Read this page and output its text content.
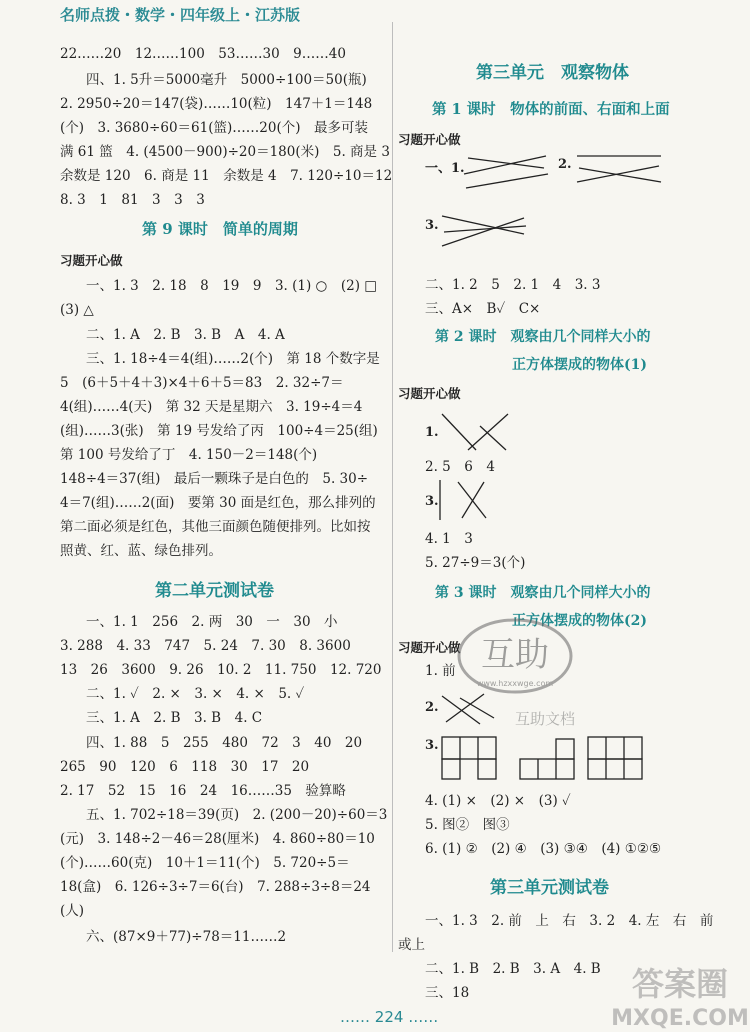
名师点拨・数学・四年级上・江苏版
22……20　12……100　53……30　9……40
四、1. 5升＝5000毫升　5000÷100＝50(瓶)
2. 2950÷20＝147(袋)……10(粒)　147＋1＝148
(个)　3. 3680÷60＝61(篮)……20(个)　最多可装
满 61 篮　4. (4500－900)÷20＝180(米)　5. 商是 3
余数是 120　6. 商是 11　余数是 4　7. 120÷10＝12
8. 3　1　81　3　3　3
第 9 课时　简单的周期
习题开心做
一、1. 3　2. 18　8　19　9　3. (1) ○　(2) □
(3) △
二、1. A　2. B　3. B　A　4. A
三、1. 18÷4＝4(组)……2(个)　第 18 个数字是
5　(6＋5＋4＋3)×4＋6＋5＝83　2. 32÷7＝
4(组)……4(天)　第 32 天是星期六　3. 19÷4＝4
(组)……3(张)　第 19 号发给了丙　100÷4＝25(组)
第 100 号发给了丁　4. 150－2＝148(个)
148÷4＝37(组)　最后一颗珠子是白色的　5. 30÷
4＝7(组)……2(面)　要第 30 面是红色，那么排列的
第二面必须是红色，其他三面颜色随便排列。比如按
照黄、红、蓝、绿色排列。
第二单元测试卷
一、1. 1　256　2. 两　30　一　30　小
3. 288　4. 33　747　5. 24　7. 30　8. 3600
13　26　3600　9. 26　10. 2　11. 750　12. 720
二、1. ✓　2. ×　3. ×　4. ×　5. ✓
三、1. A　2. B　3. B　4. C
四、1. 88　5　255　480　72　3　40　20
265　90　120　6　118　30　17　20
2. 17　52　15　16　24　16……35　验算略
五、1. 702÷18＝39(页)　2. (200－20)÷60＝3
(元)　3. 148÷2－46＝28(厘米)　4. 860÷80＝10
(个)……60(克)　10＋1＝11(个)　5. 720÷5＝
18(盒)　6. 126÷3÷7＝6(台)　7. 288÷3÷8＝24
(人)
六、(87×9＋77)÷78＝11……2
第三单元　观察物体
第 1 课时　物体的前面、右面和上面
习题开心做
一、1.	2.
3.
二、1. 2　5　2. 1　4　3. 3
三、A×　B✓　C×
第 2 课时　观察由几个同样大小的
正方体摆成的物体(1)
习题开心做
1.
2. 5　6　4
3.
4. 1　3
5. 27÷9＝3(个)
第 3 课时　观察由几个同样大小的
正方体摆成的物体(2)
习题开心做
1. 前
2.
3.
4. (1) ×　(2) ×　(3) ✓
5. 图②　图③
6. (1) ②　(2) ④　(3) ③④　(4) ①②⑤
第三单元测试卷
一、1. 3　2. 前　上　右　3. 2　4. 左　右　前
或上
二、1. B　2. B　3. A　4. B
三、18
互助
www.hzxxwge.com
互助文档
…… 224 ……
答案圈
MXQE.COM
